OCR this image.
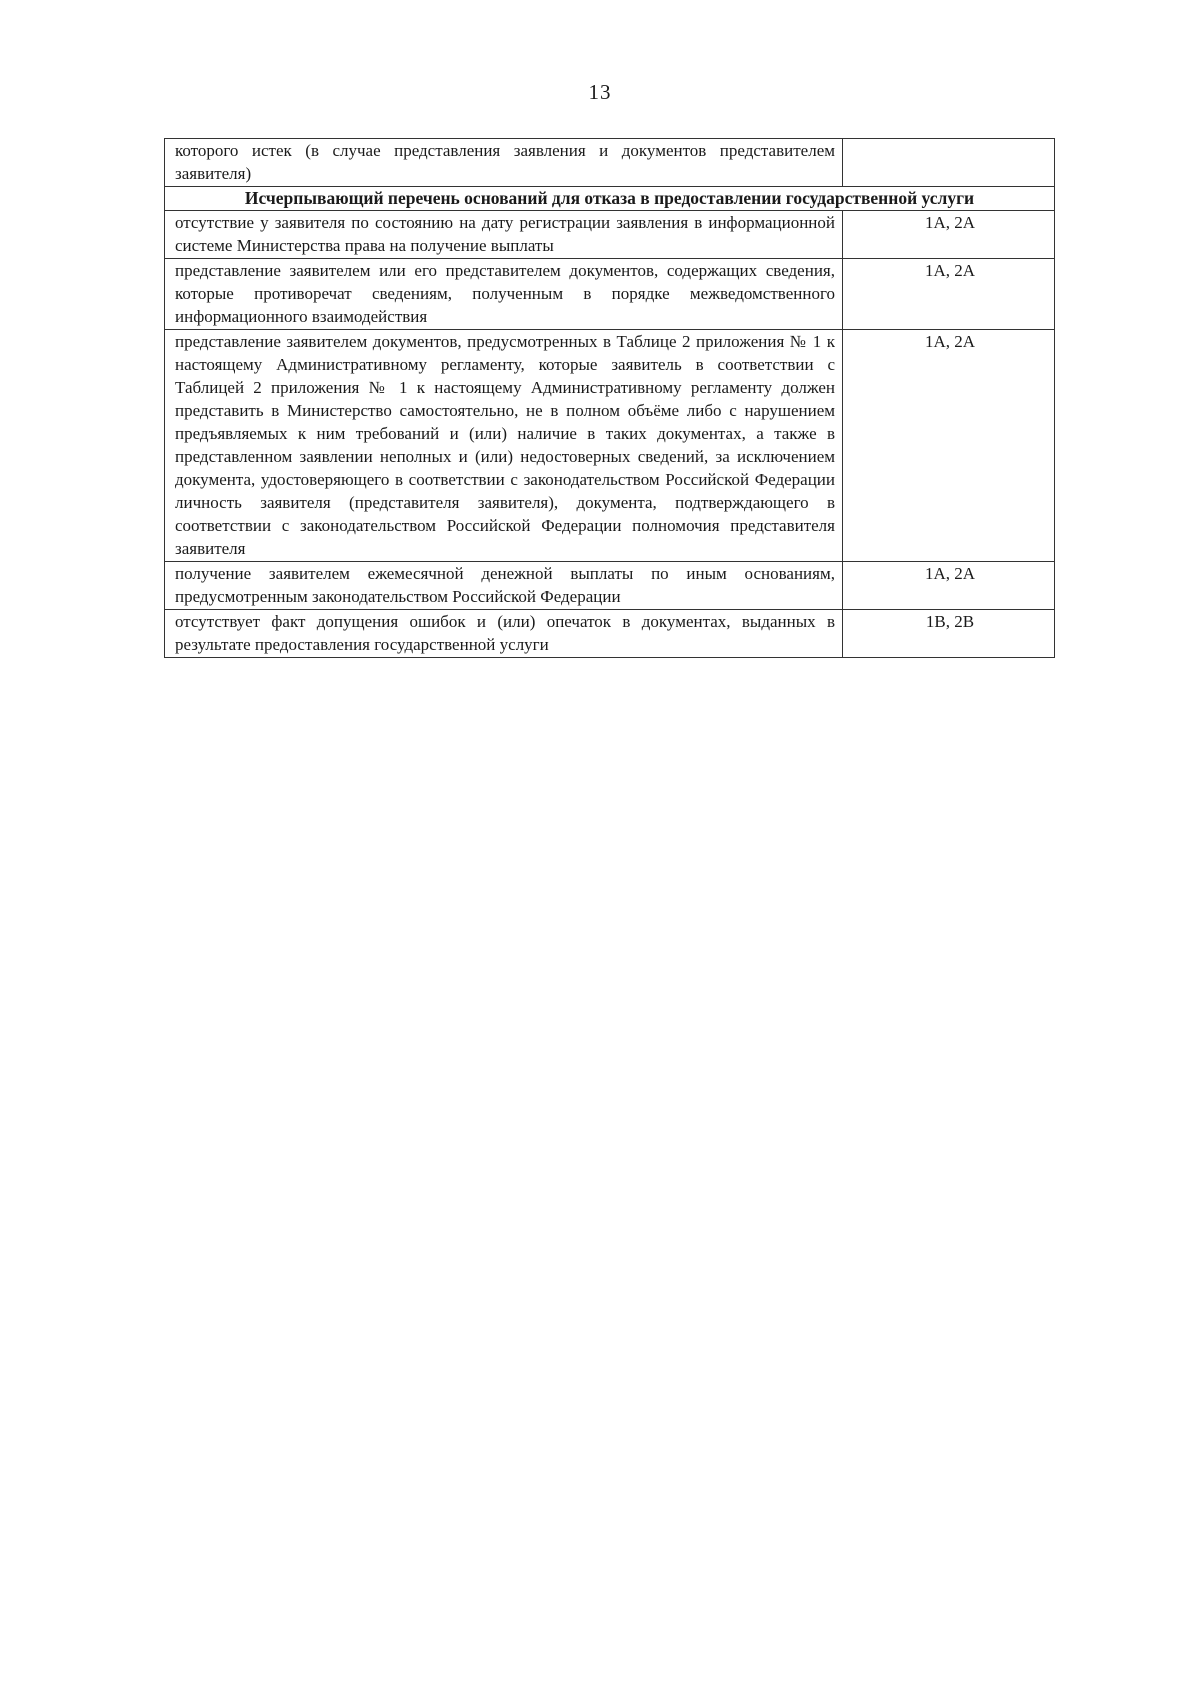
13
которого истек (в случае представления заявления и документов представителем заявителя)	
Исчерпывающий перечень оснований для отказа в предоставлении государственной услуги	
отсутствие у заявителя по состоянию на дату регистрации заявления в информационной системе Министерства права на получение выплаты	1А, 2А
представление заявителем или его представителем документов, содержащих сведения, которые противоречат сведениям, полученным в порядке межведомственного информационного взаимодействия	1А, 2А
представление заявителем документов, предусмотренных в Таблице 2 приложения № 1 к настоящему Административному регламенту, которые заявитель в соответствии с Таблицей 2 приложения № 1 к настоящему Административному регламенту должен представить в Министерство самостоятельно, не в полном объёме либо с нарушением предъявляемых к ним требований и (или) наличие в таких документах, а также в представленном заявлении неполных и (или) недостоверных сведений, за исключением документа, удостоверяющего в соответствии с законодательством Российской Федерации личность заявителя (представителя заявителя), документа, подтверждающего в соответствии с законодательством Российской Федерации полномочия представителя заявителя	1А, 2А
получение заявителем ежемесячной денежной выплаты по иным основаниям, предусмотренным законодательством Российской Федерации	1А, 2А
отсутствует факт допущения ошибок и (или) опечаток в документах, выданных в результате предоставления государственной услуги	1В, 2В
